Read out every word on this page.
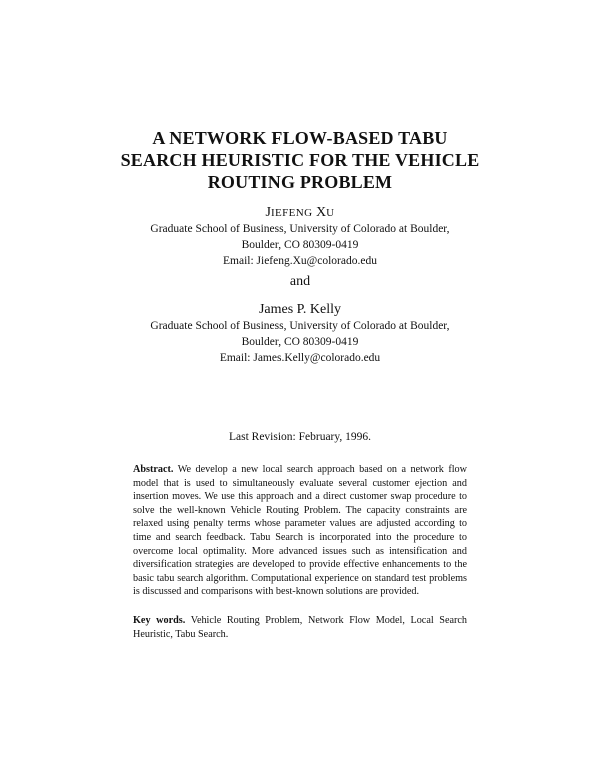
A NETWORK FLOW-BASED TABU
SEARCH HEURISTIC FOR THE VEHICLE
ROUTING PROBLEM
JIEFENG XU
Graduate School of Business, University of Colorado at Boulder,
Boulder, CO 80309-0419
Email: Jiefeng.Xu@colorado.edu
and
James P. Kelly
Graduate School of Business, University of Colorado at Boulder,
Boulder, CO 80309-0419
Email: James.Kelly@colorado.edu
Last Revision: February, 1996.
Abstract. We develop a new local search approach based on a network flow model that is used to simultaneously evaluate several customer ejection and insertion moves. We use this approach and a direct customer swap procedure to solve the well-known Vehicle Routing Problem. The capacity constraints are relaxed using penalty terms whose parameter values are adjusted according to time and search feedback. Tabu Search is incorporated into the procedure to overcome local optimality. More advanced issues such as intensification and diversification strategies are developed to provide effective enhancements to the basic tabu search algorithm. Computational experience on standard test problems is discussed and comparisons with best-known solutions are provided.
Key words. Vehicle Routing Problem, Network Flow Model, Local Search Heuristic, Tabu Search.
